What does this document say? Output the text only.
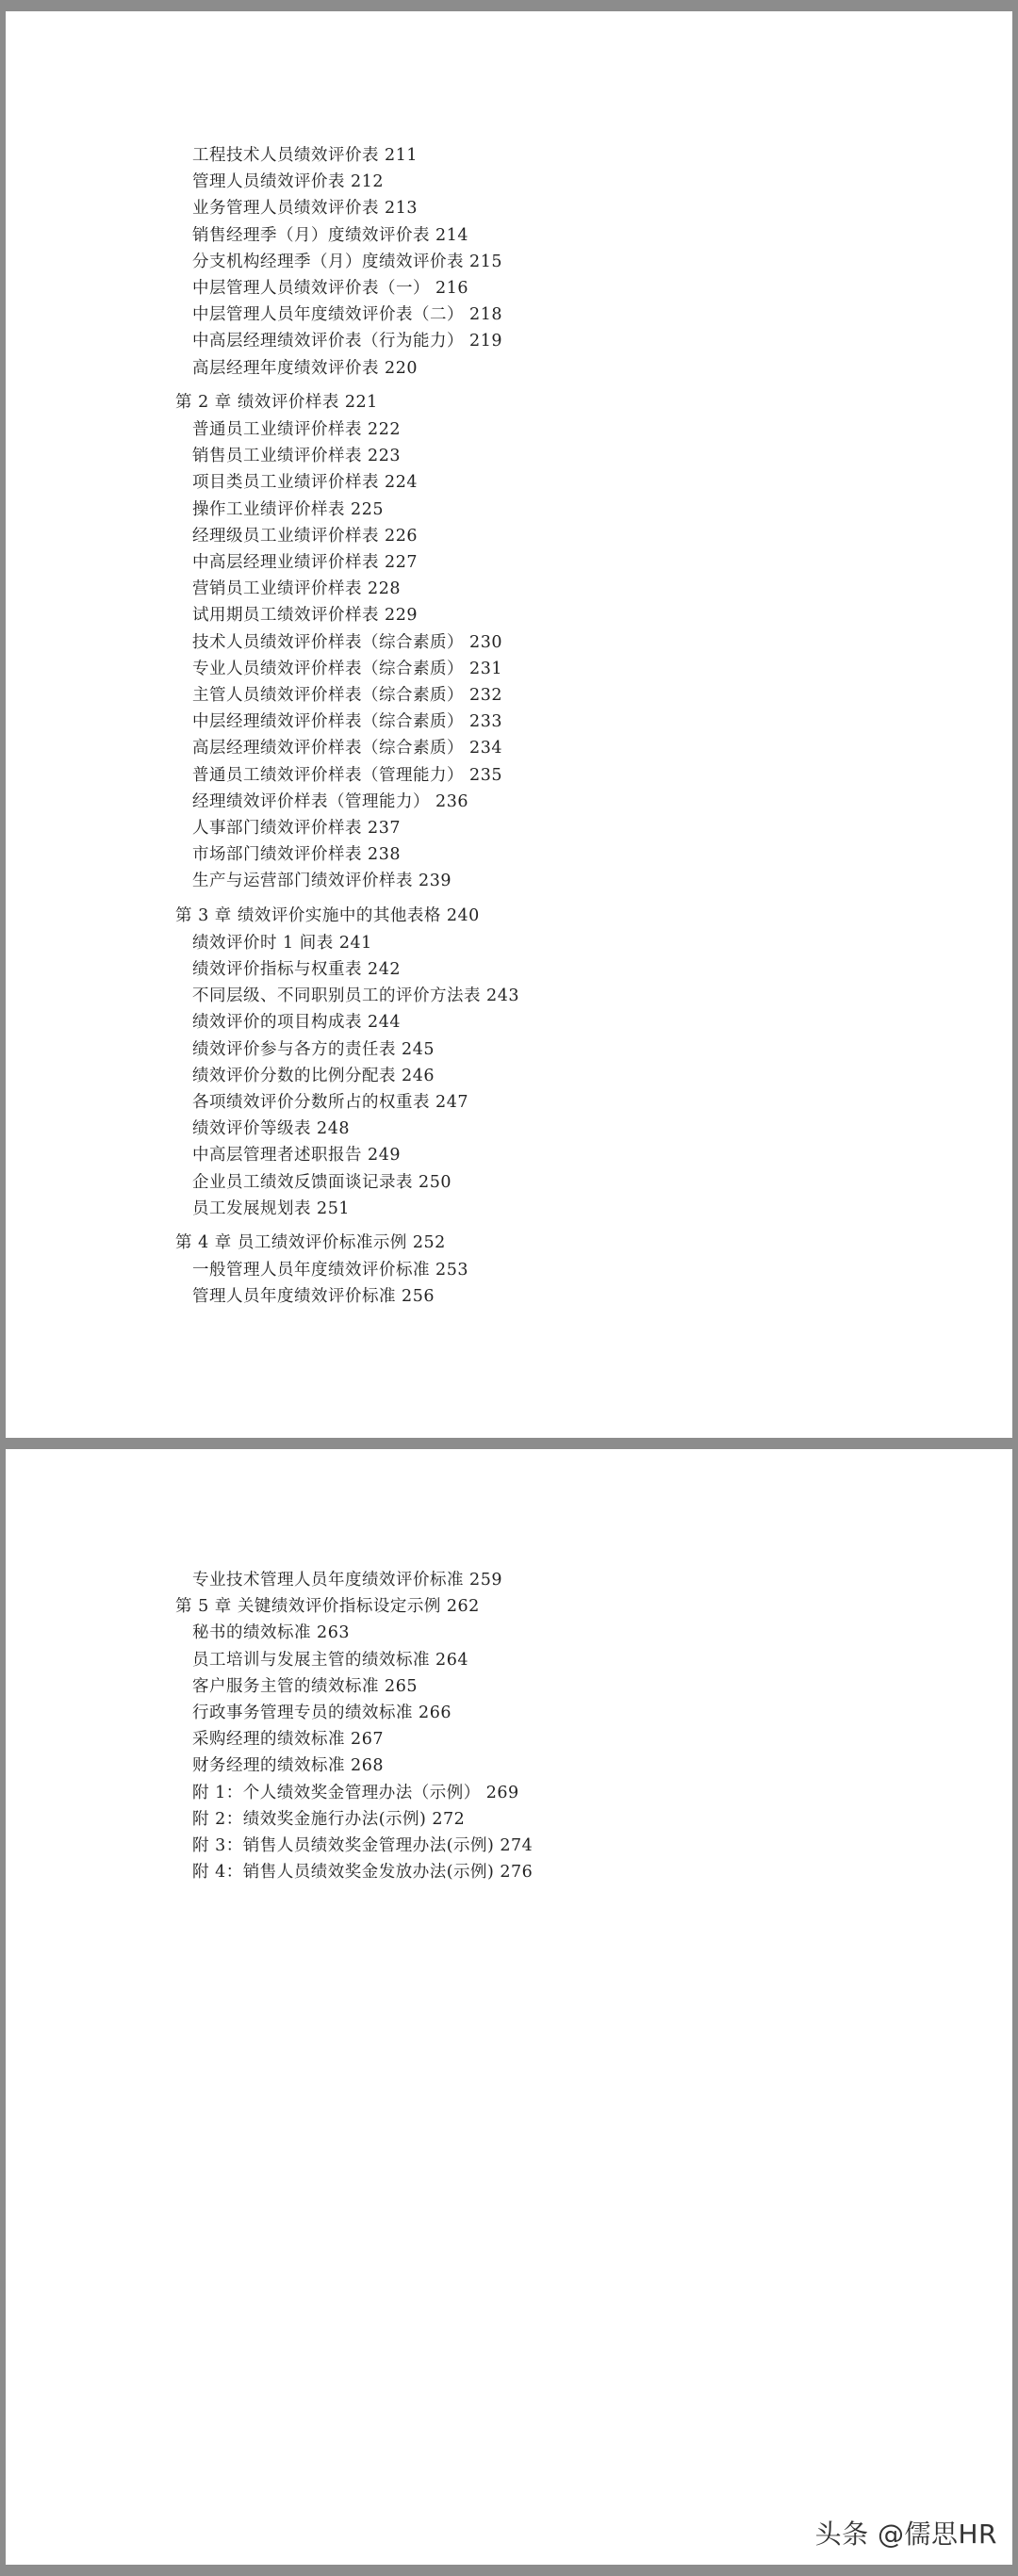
工程技术人员绩效评价表 211
管理人员绩效评价表 212
业务管理人员绩效评价表 213
销售经理季（月）度绩效评价表 214
分支机构经理季（月）度绩效评价表 215
中层管理人员绩效评价表（一） 216
中层管理人员年度绩效评价表（二） 218
中高层经理绩效评价表（行为能力） 219
高层经理年度绩效评价表 220
第 2 章 绩效评价样表 221
普通员工业绩评价样表 222
销售员工业绩评价样表 223
项目类员工业绩评价样表 224
操作工业绩评价样表 225
经理级员工业绩评价样表 226
中高层经理业绩评价样表 227
营销员工业绩评价样表 228
试用期员工绩效评价样表 229
技术人员绩效评价样表（综合素质） 230
专业人员绩效评价样表（综合素质） 231
主管人员绩效评价样表（综合素质） 232
中层经理绩效评价样表（综合素质） 233
高层经理绩效评价样表（综合素质） 234
普通员工绩效评价样表（管理能力） 235
经理绩效评价样表（管理能力） 236
人事部门绩效评价样表 237
市场部门绩效评价样表 238
生产与运营部门绩效评价样表 239
第 3 章 绩效评价实施中的其他表格 240
绩效评价时 1 间表 241
绩效评价指标与权重表 242
不同层级、不同职别员工的评价方法表 243
绩效评价的项目构成表 244
绩效评价参与各方的责任表 245
绩效评价分数的比例分配表 246
各项绩效评价分数所占的权重表 247
绩效评价等级表 248
中高层管理者述职报告 249
企业员工绩效反馈面谈记录表 250
员工发展规划表 251
第 4 章 员工绩效评价标准示例 252
一般管理人员年度绩效评价标准 253
管理人员年度绩效评价标准 256
专业技术管理人员年度绩效评价标准 259
第 5 章 关键绩效评价指标设定示例 262
秘书的绩效标准 263
员工培训与发展主管的绩效标准 264
客户服务主管的绩效标准 265
行政事务管理专员的绩效标准 266
采购经理的绩效标准 267
财务经理的绩效标准 268
附 1：个人绩效奖金管理办法（示例） 269
附 2：绩效奖金施行办法(示例) 272
附 3：销售人员绩效奖金管理办法(示例) 274
附 4：销售人员绩效奖金发放办法(示例) 276
头条 @儒思HR
